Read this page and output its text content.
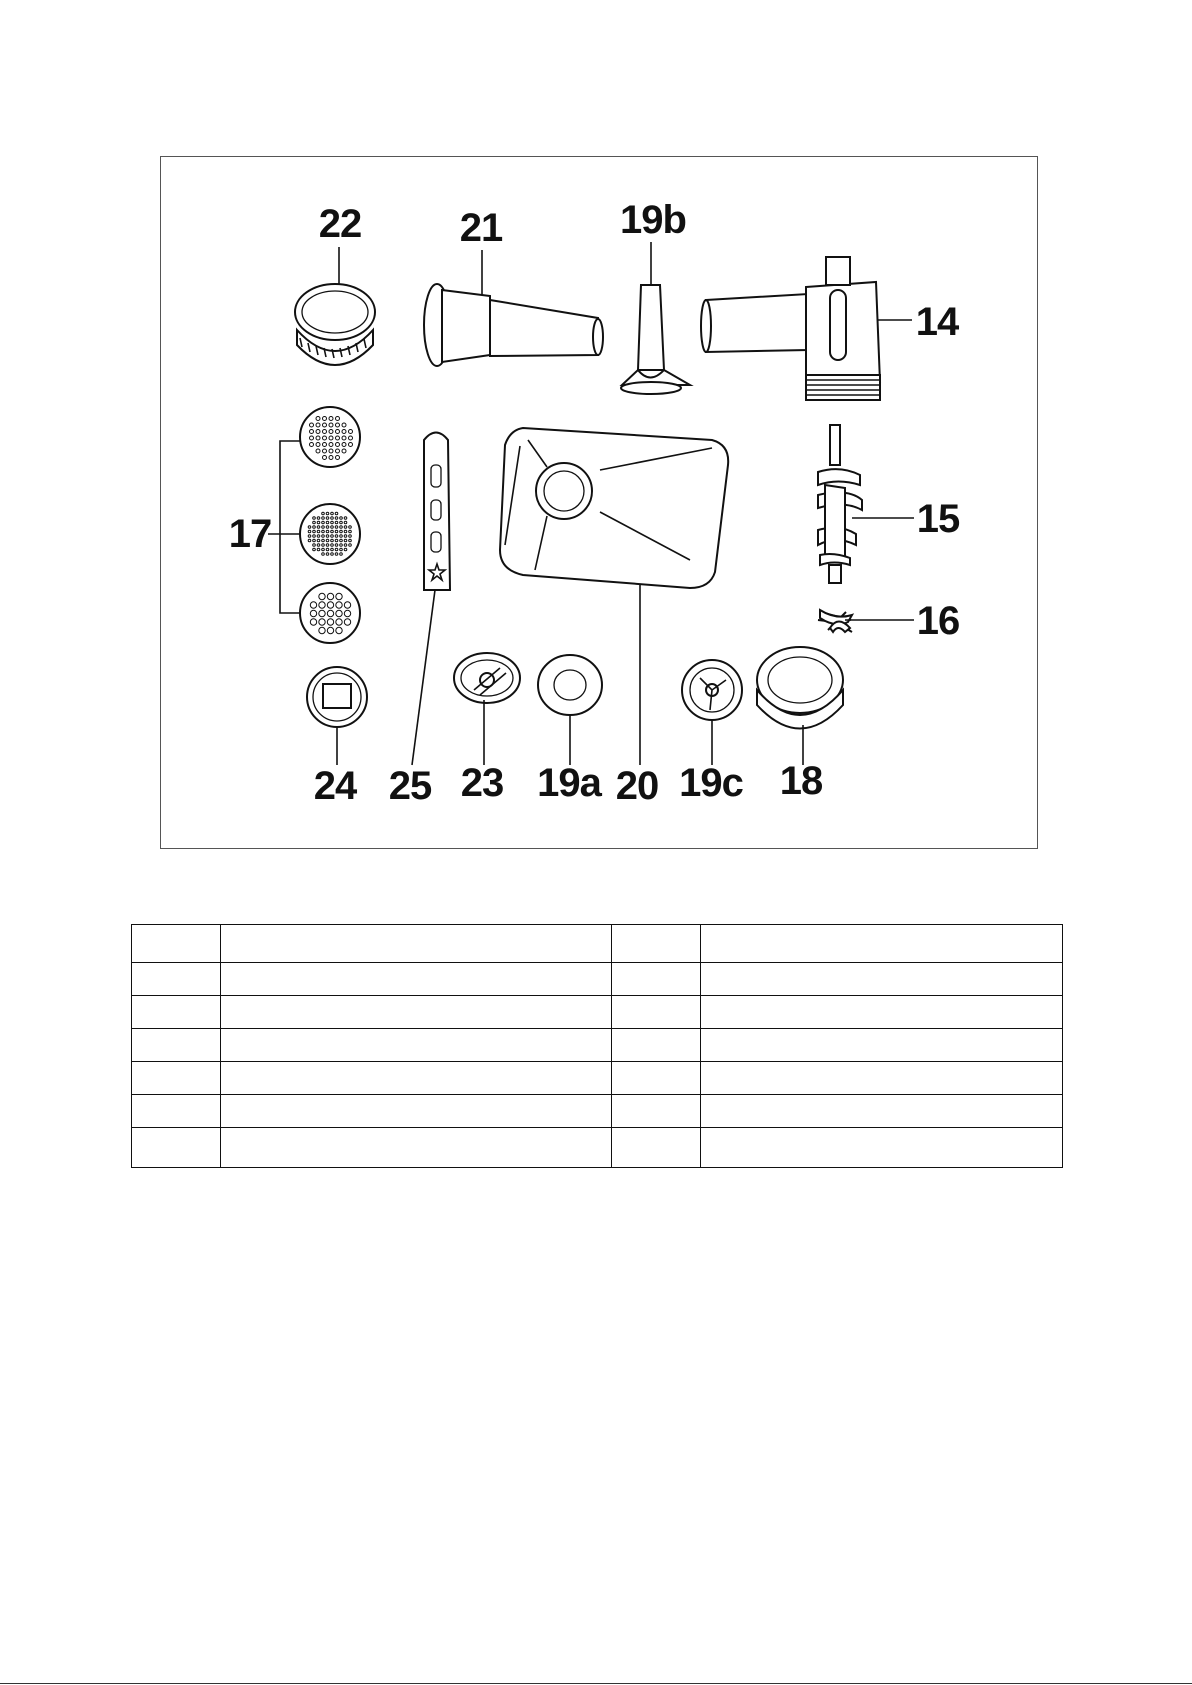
22 21	19b
14
17	15
16
24 25 23 19a 20 19c 18
